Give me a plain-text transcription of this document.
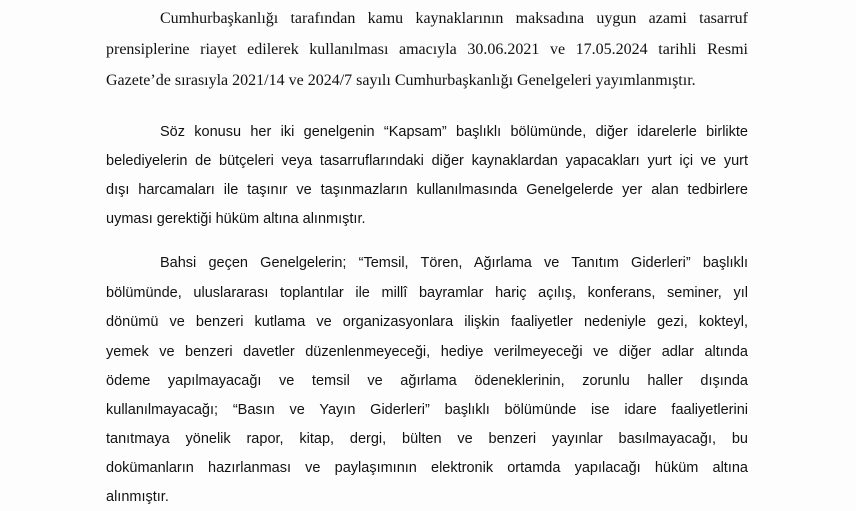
Cumhurbaşkanlığı tarafından kamu kaynaklarının maksadına uygun azami tasarruf
prensiplerine riayet edilerek kullanılması amacıyla 30.06.2021 ve 17.05.2024 tarihli Resmi
Gazete’de sırasıyla 2021/14 ve 2024/7 sayılı Cumhurbaşkanlığı Genelgeleri yayımlanmıştır.
Söz konusu her iki genelgenin “Kapsam” başlıklı bölümünde, diğer idarelerle birlikte
belediyelerin de bütçeleri veya tasarruflarındaki diğer kaynaklardan yapacakları yurt içi ve yurt
dışı harcamaları ile taşınır ve taşınmazların kullanılmasında Genelgelerde yer alan tedbirlere
uyması gerektiği hüküm altına alınmıştır.
Bahsi geçen Genelgelerin; “Temsil, Tören, Ağırlama ve Tanıtım Giderleri” başlıklı
bölümünde, uluslararası toplantılar ile millî bayramlar hariç açılış, konferans, seminer, yıl
dönümü ve benzeri kutlama ve organizasyonlara ilişkin faaliyetler nedeniyle gezi, kokteyl,
yemek ve benzeri davetler düzenlenmeyeceği, hediye verilmeyeceği ve diğer adlar altında
ödeme yapılmayacağı ve temsil ve ağırlama ödeneklerinin, zorunlu haller dışında
kullanılmayacağı; “Basın ve Yayın Giderleri” başlıklı bölümünde ise idare faaliyetlerini
tanıtmaya yönelik rapor, kitap, dergi, bülten ve benzeri yayınlar basılmayacağı, bu
dokümanların hazırlanması ve paylaşımının elektronik ortamda yapılacağı hüküm altına
alınmıştır.
